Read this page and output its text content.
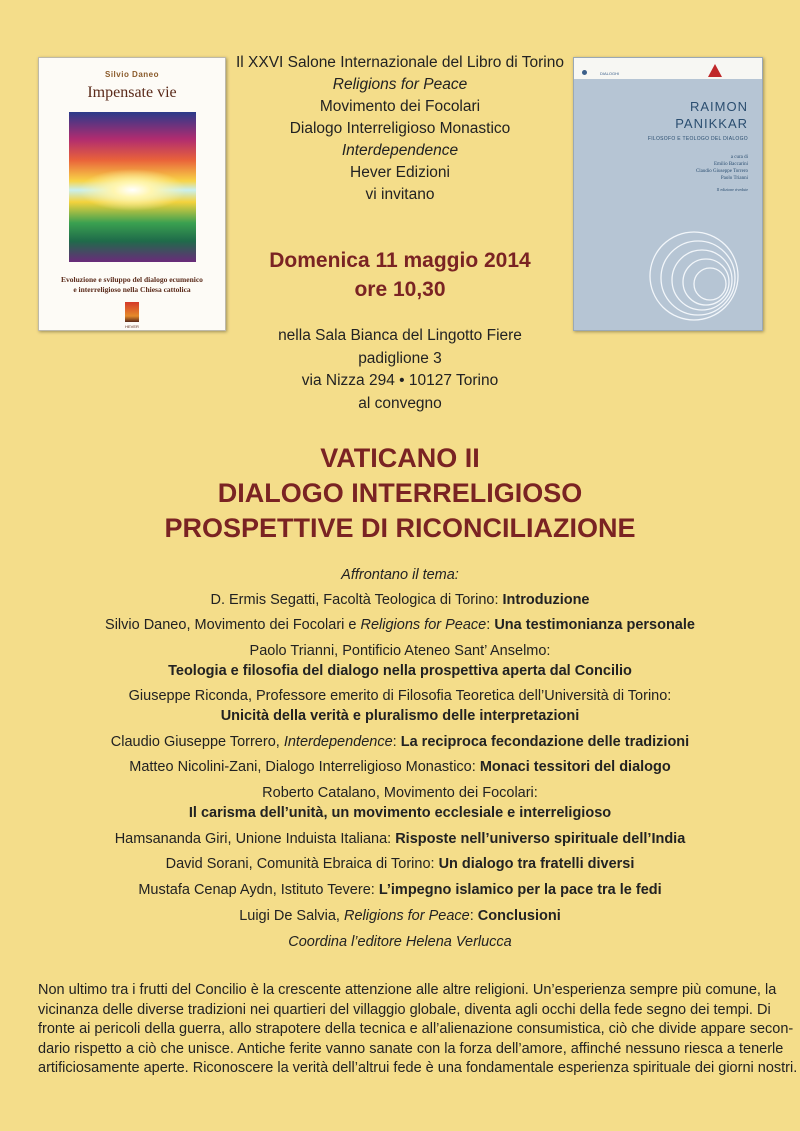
Silvio Daneo
Impensate vie
Evoluzione e sviluppo del dialogo ecumenico
e interreligioso nella Chiesa cattolica
HEVER
DIALOGHI
RAIMON
PANIKKAR
FILOSOFO E TEOLOGO DEL DIALOGO
a cura di
Emilio Baccarini
Claudio Giuseppe Torrero
Paolo Trianni
II edizione rivedute
Il XXVI Salone Internazionale del Libro di Torino
Religions for Peace
Movimento dei Focolari
Dialogo Interreligioso Monastico
Interdependence
Hever Edizioni
vi invitano
Domenica 11 maggio 2014
ore 10,30
nella Sala Bianca del Lingotto Fiere
padiglione 3
via Nizza 294 • 10127 Torino
al convegno
VATICANO II
DIALOGO INTERRELIGIOSO
PROSPETTIVE DI RICONCILIAZIONE
Affrontano il tema:
D. Ermis Segatti, Facoltà Teologica di Torino: Introduzione
Silvio Daneo, Movimento dei Focolari e Religions for Peace: Una testimonianza personale
Paolo Trianni, Pontificio Ateneo Sant’ Anselmo:
Teologia e filosofia del dialogo nella prospettiva aperta dal Concilio
Giuseppe Riconda, Professore emerito di Filosofia Teoretica dell’Università di Torino:
Unicità della verità e pluralismo delle interpretazioni
Claudio Giuseppe Torrero, Interdependence: La reciproca fecondazione delle tradizioni
Matteo Nicolini-Zani, Dialogo Interreligioso Monastico: Monaci tessitori del dialogo
Roberto Catalano, Movimento dei Focolari:
Il carisma dell’unità, un movimento ecclesiale e interreligioso
Hamsananda Giri, Unione Induista Italiana: Risposte nell’universo spirituale dell’India
David Sorani, Comunità Ebraica di Torino: Un dialogo tra fratelli diversi
Mustafa Cenap Aydn, Istituto Tevere: L’impegno islamico per la pace tra le fedi
Luigi De Salvia, Religions for Peace: Conclusioni
Coordina l’editore Helena Verlucca
Non ultimo tra i frutti del Concilio è la crescente attenzione alle altre religioni. Un’esperienza sempre più comune, la
vicinanza delle diverse tradizioni nei quartieri del villaggio globale, diventa agli occhi della fede segno dei tempi. Di
fronte ai pericoli della guerra, allo strapotere della tecnica e all’alienazione consumistica, ciò che divide appare secon-
dario rispetto a ciò che unisce. Antiche ferite vanno sanate con la forza dell’amore, affinché nessuno riesca a tenerle
artificiosamente aperte. Riconoscere la verità dell’altrui fede è una fondamentale esperienza spirituale dei giorni nostri.
